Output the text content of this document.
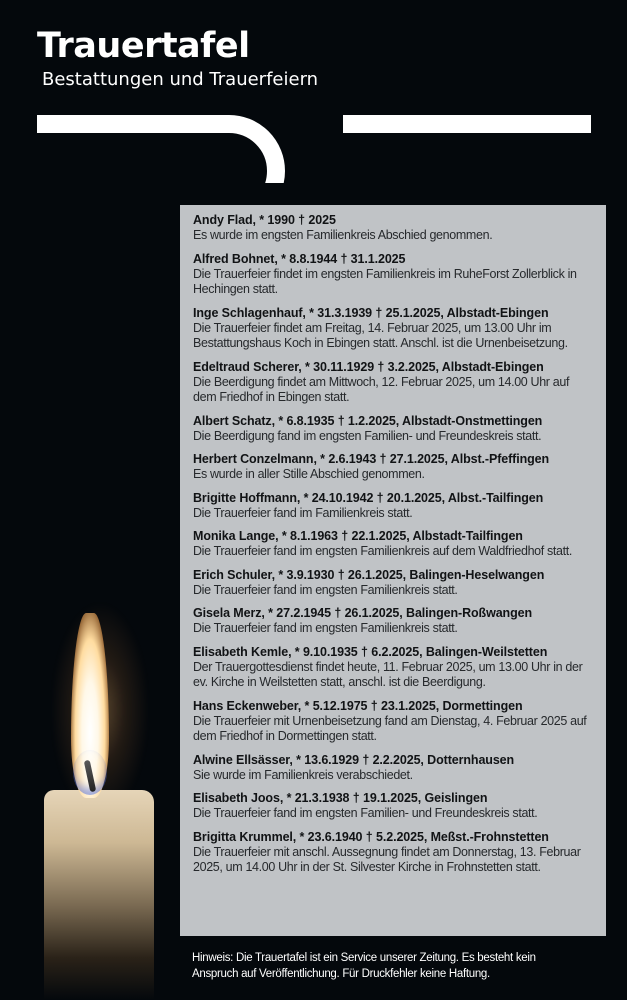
Trauertafel

Bestattungen und Trauerfeiern

Andy Flad, * 1990 † 2025
Es wurde im engsten Familienkreis Abschied genommen.
Alfred Bohnet, * 8.8.1944 † 31.1.2025
Die Trauerfeier findet im engsten Familienkreis im RuheForst Zollerblick in Hechingen statt.
Inge Schlagenhauf, * 31.3.1939 † 25.1.2025, Albstadt-Ebingen
Die Trauerfeier findet am Freitag, 14. Februar 2025, um 13.00 Uhr im Bestattungshaus Koch in Ebingen statt. Anschl. ist die Urnenbeisetzung.
Edeltraud Scherer, * 30.11.1929 † 3.2.2025, Albstadt-Ebingen
Die Beerdigung findet am Mittwoch, 12. Februar 2025, um 14.00 Uhr auf dem Friedhof in Ebingen statt.
Albert Schatz, * 6.8.1935 † 1.2.2025, Albstadt-Onstmettingen
Die Beerdigung fand im engsten Familien- und Freundeskreis statt.
Herbert Conzelmann, * 2.6.1943 † 27.1.2025, Albst.-Pfeffingen
Es wurde in aller Stille Abschied genommen.
Brigitte Hoffmann, * 24.10.1942 † 20.1.2025, Albst.-Tailfingen
Die Trauerfeier fand im Familienkreis statt.
Monika Lange, * 8.1.1963 † 22.1.2025, Albstadt-Tailfingen
Die Trauerfeier fand im engsten Familienkreis auf dem Waldfriedhof statt.
Erich Schuler, * 3.9.1930 † 26.1.2025, Balingen-Heselwangen
Die Trauerfeier fand im engsten Familienkreis statt.
Gisela Merz, * 27.2.1945 † 26.1.2025, Balingen-Roßwangen
Die Trauerfeier fand im engsten Familienkreis statt.
Elisabeth Kemle, * 9.10.1935 † 6.2.2025, Balingen-Weilstetten
Der Trauergottesdienst findet heute, 11. Februar 2025, um 13.00 Uhr in der ev. Kirche in Weilstetten statt, anschl. ist die Beerdigung.
Hans Eckenweber, * 5.12.1975 † 23.1.2025, Dormettingen
Die Trauerfeier mit Urnenbeisetzung fand am Dienstag, 4. Februar 2025 auf dem Friedhof in Dormettingen statt.
Alwine Ellsässer, * 13.6.1929 † 2.2.2025, Dotternhausen
Sie wurde im Familienkreis verabschiedet.
Elisabeth Joos, * 21.3.1938 † 19.1.2025, Geislingen
Die Trauerfeier fand im engsten Familien- und Freundeskreis statt.
Brigitta Krummel, * 23.6.1940 † 5.2.2025, Meßst.-Frohnstetten
Die Trauerfeier mit anschl. Aussegnung findet am Donnerstag, 13. Februar 2025, um 14.00 Uhr in der St. Silvester Kirche in Frohnstetten statt.
Hinweis: Die Trauertafel ist ein Service unserer Zeitung. Es besteht kein Anspruch auf Veröffentlichung. Für Druckfehler keine Haftung.
